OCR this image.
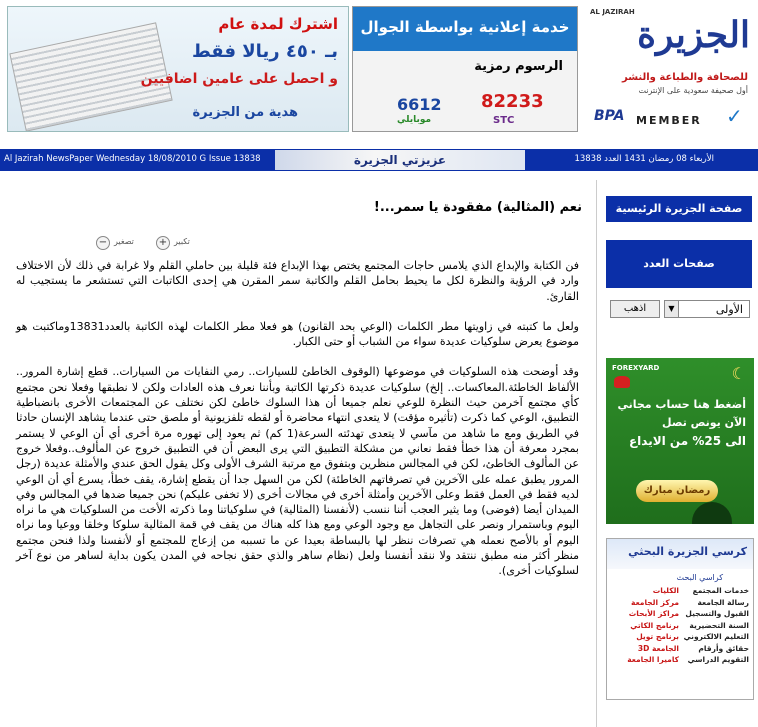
اشترك لمدة عام
بـ ٤٥٠ ريالا فقط
و احصل على عامين اضافيين
هدية من الجزيرة
خدمة إعلانية بواسطة الجوال
الرسوم رمزية
6612 82233
موبايلي	STC
AL JAZIRAH
الجزيرة
للصحافة والطباعة والنشر
أول صحيفة سعودية على الإنترنت
BPA MEMBER ✓
Al Jazirah NewsPaper Wednesday 18/08/2010 G Issue 13838	عزيزتي الجزيرة	الأربعاء 08 رمضان 1431 العدد 13838
نعم (المثالية) مفقودة يا سمر...!
− تصغير + تكبير

فن الكتابة والإبداع الذي يلامس حاجات المجتمع يختص بهذا الإبداع فئة قليلة بين حاملي القلم ولا غرابة في ذلك لأن الاختلاف وارد في الرؤية والنظرة لكل ما يحيط بحامل القلم والكاتبة سمر المقرن هي إحدى الكاتبات التي تستشعر ما يستجيب له القارئ.

ولعل ما كتبته في زاويتها مطر الكلمات (الوعي بحد القانون) هو فعلا مطر الكلمات لهذه الكاتبة بالعدد13831وماكتبت هو موضوع يعرض سلوكيات عديدة سواء من الشباب أو حتى الكبار.

وقد أوضحت هذه السلوكيات في موضوعها (الوقوف الخاطئ للسيارات.. رمي النفايات من السيارات.. قطع إشارة المرور.. الألفاظ الخاطئة.المعاكسات.. إلخ) سلوكيات عديدة ذكرتها الكاتبة وبأننا نعرف هذه العادات ولكن لا نطبقها وفعلا نحن مجتمع كأي مجتمع آخرمن حيث النظرة للوعي نعلم جميعا أن هذا السلوك خاطئ لكن نختلف عن المجتمعات الأخرى بانضباطية التطبيق، الوعي كما ذكرت (تأثيره مؤقت) لا يتعدى انتهاء محاضرة أو لقطه تلفزيونية أو ملصق حتى عندما يشاهد الإنسان حادثا في الطريق ومع ما شاهد من مآسي لا يتعدى تهدئته السرعة(1 كم) ثم يعود إلى تهوره مرة أخرى أي أن الوعي لا يستمر بمجرد معرفة أن هذا خطأ فقط نعاني من مشكلة التطبيق التي يرى البعض أن في التطبيق خروج عن المألوف..وفعلا خروج عن المألوف الخاطئ، لكن في المجالس منظرين وبتفوق مع مرتبة الشرف الأولى وكل يقول الحق عندي والأمثلة عديدة (رجل المرور يطبق عمله على الآخرين في تصرفاتهم الخاطئة) لكن من السهل جدا أن يقطع إشارة، يقف خطأ، يسرع أي أن الوعي لديه فقط في العمل فقط وعلى الآخرين وأمثلة أخرى في مجالات أخرى (لا تخفى عليكم) نحن جميعا ضدها في المجالس وفي الميدان أيضا (فوضى) وما يثير العجب أننا ننسب (لأنفسنا (المثالية) في سلوكياتنا وما ذكرته الأخت من السلوكيات هي ما نراه اليوم وباستمرار ونصر على التجاهل مع وجود الوعي ومع هذا كله هناك من يقف في قمة المثالية سلوكا وخلقا ووعيا وما نراه اليوم أو بالأصح نعمله هي تصرفات ننظر لها بالبساطة بعيدا عن ما تسببه من إزعاج للمجتمع أو لأنفسنا ولذا فنحن مجتمع منظر أكثر منه مطبق ننتقد ولا ننقد أنفسنا ولعل (نظام ساهر والذي حقق نجاحه في المدن يكون بداية لساهر من نوع آخر لسلوكيات أخرى).

صفحة الجزيرة الرئيسية
صفحات العدد
اذهب	الأولى
▼
FOREXYARD	☾
أضغط هنا حساب مجاني
الآن يونص تصل
الى 25% من الايداع
رمضان مبارك
كرسي الجزيرة البحثي
كراسي البحث
خدمات المجتمع
رسالة الجامعة
القبول والتسجيل
السنة التحضيرية
التعليم الالكتروني
حقائق وأرقام
التقويم الدراسي
الكليات
مركز الجامعة
مراكز الأبحاث
برنامج الكاتي
برنامج تويل
الجامعة 3D
كاميرا الجامعة
